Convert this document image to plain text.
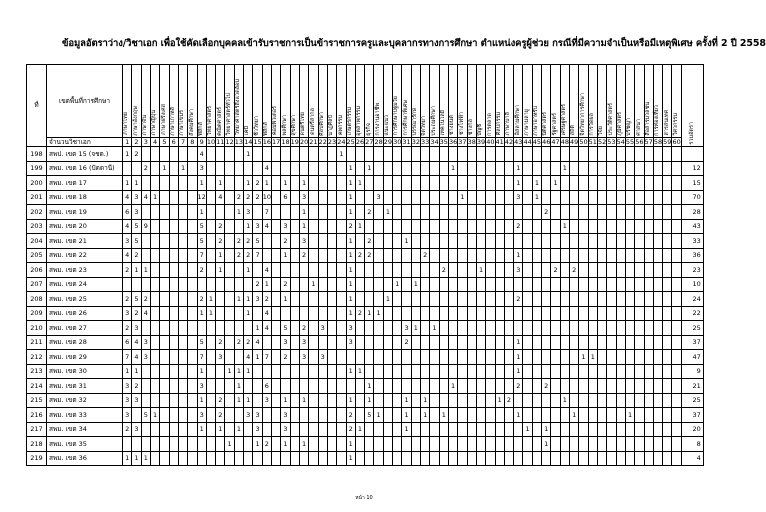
ข้อมูลอัตราว่าง/วิชาเอก เพื่อใช้คัดเลือกบุคคลเข้ารับราชการเป็นข้าราชการครูและบุคลากรทางการศึกษา ตำแหน่งครูผู้ช่วย กรณีที่มีความจำเป็นหรือมีเหตุพิเศษ ครั้งที่ 2 ปี 2558
ที่	เขตพื้นที่การศึกษา	ภาษาไทย	ภาษาอังกฤษ	ภาษาจีน	ภาษาญี่ปุ่น	ภาษาฝรั่งเศส	ภาษาเกาหลี	ภาษาเขมร	สังคมศึกษา	ฟิสิกส์	วิทยาศาสตร์	คณิตศาสตร์	วิทยาศาสตร์ทั่วไป	วิทยาศาสตร์สิ่งแวดล้อม	เคมี	ชีววิทยา	ฟิสิกส์	คอมพิวเตอร์	พลศึกษา	สุขศึกษา	ดนตรีไทย	ดนตรีสากล	ศิลปศึกษา	นาฏศิลป์	คหกรรม	เกษตรกรรม	อุตสาหกรรม	ธุรกิจ	การงานอาชีพ	แนะแนว	การศึกษาปฐมวัย	การศึกษาพิเศษ	บรรณารักษ์	จิตวิทยา	ประถมศึกษา	เทคโนโลยี	ช่างยนต์	ช่างไฟฟ้า	ช่างกล	บัญชี	การตลาด	ศิลปกรรม	ภาษาบาลี	อิสลามศึกษา	ภาษามลายู	ภาษาอาหรับ	นิติศาสตร์	รัฐศาสตร์	เศรษฐศาสตร์	สถิติ	จิตวิทยาการศึกษา	การวัดผล	วิจัย	ประวัติศาสตร์	ภูมิศาสตร์	ปรัชญา	ศาสนา	สื่อสารมวลชน	การท่องเที่ยว	สารสนเทศ	วิศวกรรม	รวมอัตรา
	จำนวนวิชาเอก	1	2	3	4	5	6	7	8	9	10	11	12	13	14	15	16	17	18	19	20	21	22	23	24	25	26	27	28	29	30	31	32	33	34	35	36	37	38	39	40	41	42	43	44	45	46	47	48	49	50	51	52	53	54	55	56	57	58	59	60	
198	สพป. เขต 15 (จชต.)	1	2							4					1										1																																					
199	สพม. เขต 16 (ปัตตานี)			2		1		1		3							4									1		1									1							1					1													12
200	สพม. เขต 17	1	1							1		1			1	2	1		1		1					1	1																	1		1		1														15
201	สพม. เขต 18	4	3	4	1					12		4		2	2	2	10		6		3					1			3									1						3		1																70
202	สพม. เขต 19	6	3							1				1	3		7				1					1		2		1																	2															28
203	สพม. เขต 20	4	5	9						5		2			1	3	4		3		1					2	1																	2					1													43
204	สพม. เขต 21	3	5							5		2		2	2	5			2		3					1		2				1																														33
205	สพม. เขต 22	4	2							7		1		2	2	7			1		2					1	2	2						2										1																		36
206	สพม. เขต 23	2	1	1						2		1			1		4									1										2				1				3				2		2												23
207	สพม. เขต 24															2	1		2			1				1					1		1																													10
208	สพม. เขต 25	2	5	2						2	1			1	1	3	2		1							1				1														2																		24
209	สพม. เขต 26	3	2	4						1	1				1		4									1	2	1	1																																	22
210	สพม. เขต 27	2	3													1	4		5		2		3			3						3	1		1																											25
211	สพม. เขต 28	6	4	3						5		2		2	2	4			3		3					3						2												1																		37
212	สพม. เขต 29	7	4	3						7		3			4	1	7		2		3		3																					1							1	1										47
213	สพม. เขต 30	1	1							1			1	1	1											1	1																	1																		9
214	สพม. เขต 31	3	2							3				1			6											1									1							2			2															21
215	สพม. เขต 32	3	3							1		2		1	1		3		1		1					1		1				1		1								1	2						1													25
216	สพม. เขต 33	3		5	1					3		2			3	3			3							2		5	1			1		1		1								1						1						1						37
217	สพม. เขต 34	2	3							1		1		1		3			3							2	1					1													1		1															20
218	สพม. เขต 35												1			1	2		1		1					1																					1															8
219	สพม. เขต 36	1	1	1																						1																																				4
หน้า 10
